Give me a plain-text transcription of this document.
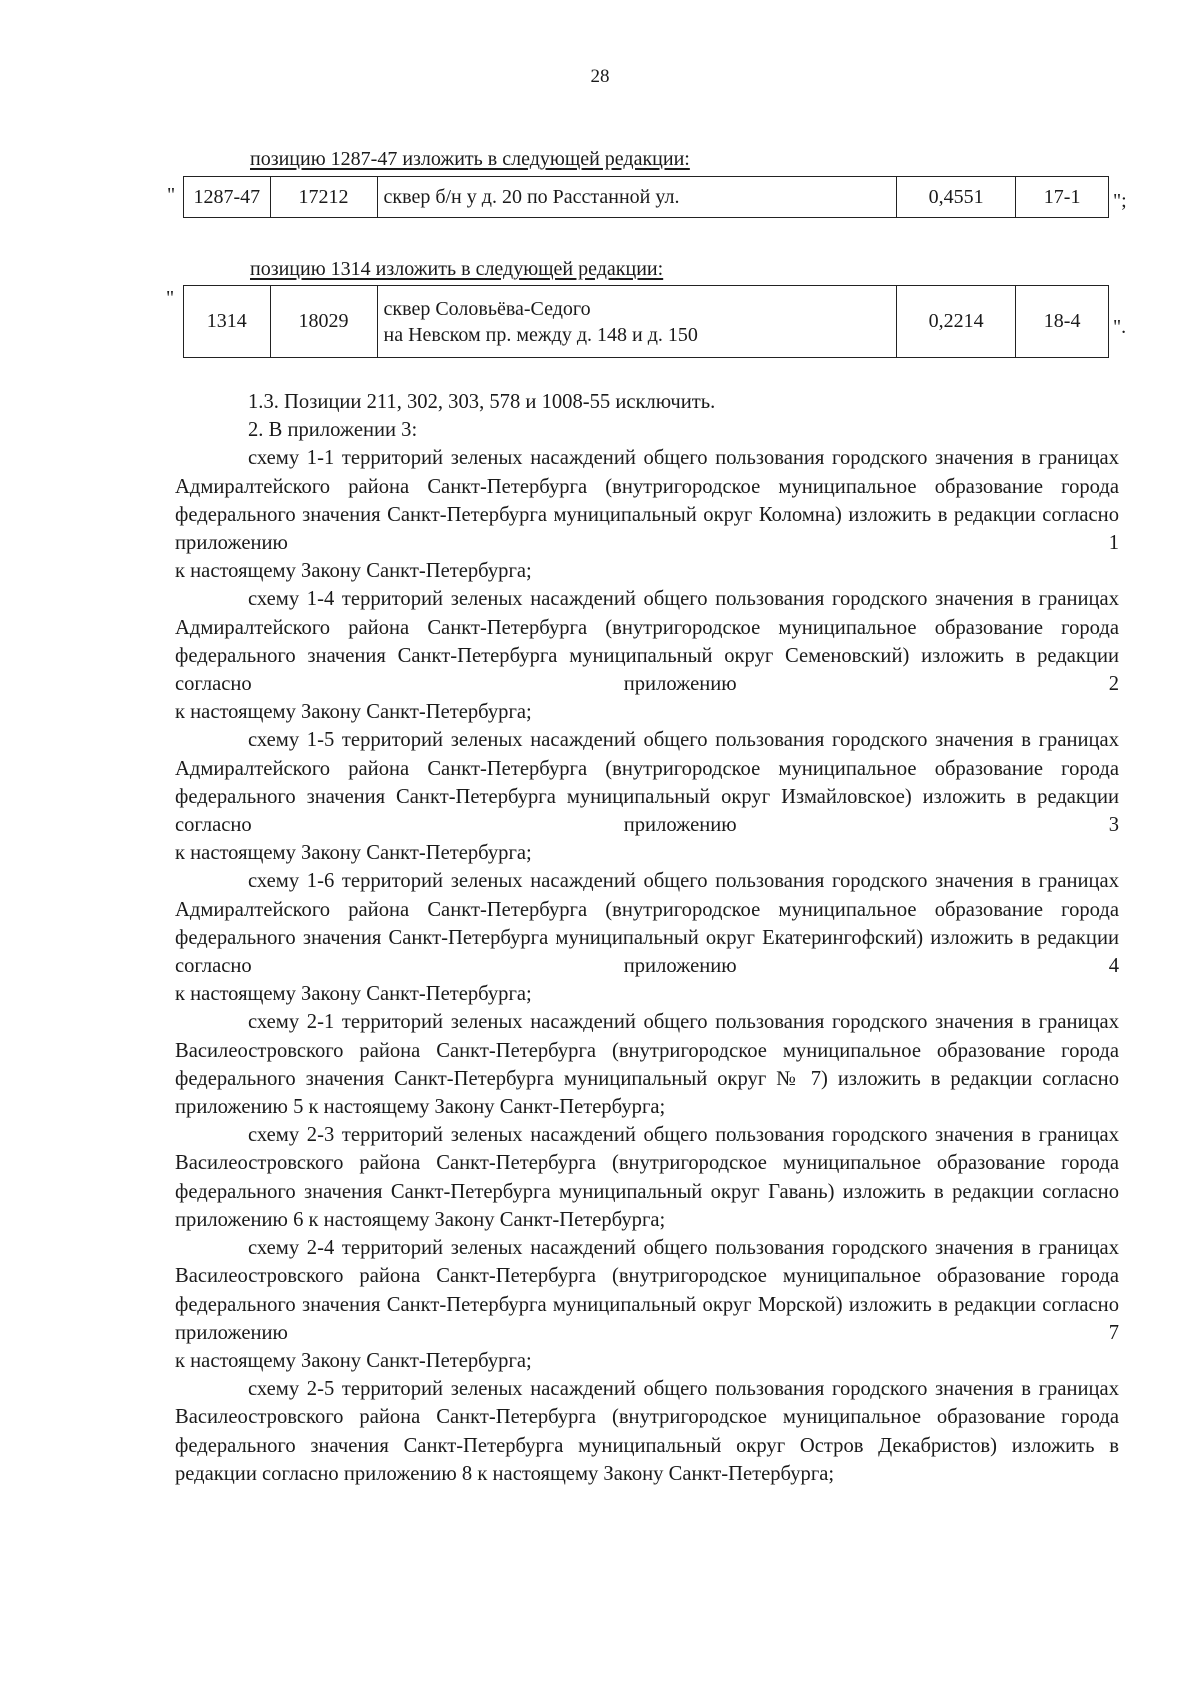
28
позицию 1287-47 изложить в следующей редакции:
" 1287-47	17212	сквер б/н у д. 20 по Расстанной ул.	0,4551	17-1 ";
позицию 1314 изложить в следующей редакции:
"
1314	18029	
сквер Соловьёва-Седого
на Невском пр. между д. 148 и д. 150
	0,2214	18-4 ".

1.3. Позиции 211, 302, 303, 578 и 1008-55 исключить.

2. В приложении 3:

схему 1-1 территорий зеленых насаждений общего пользования городского значения в границах Адмиралтейского района Санкт-Петербурга (внутригородское муниципальное образование города федерального значения Санкт-Петербурга муниципальный округ Коломна) изложить в редакции согласно приложению 1

к настоящему Закону Санкт-Петербурга;

схему 1-4 территорий зеленых насаждений общего пользования городского значения в границах Адмиралтейского района Санкт-Петербурга (внутригородское муниципальное образование города федерального значения Санкт-Петербурга муниципальный округ Семеновский) изложить в редакции согласно приложению 2

к настоящему Закону Санкт-Петербурга;

схему 1-5 территорий зеленых насаждений общего пользования городского значения в границах Адмиралтейского района Санкт-Петербурга (внутригородское муниципальное образование города федерального значения Санкт-Петербурга муниципальный округ Измайловское) изложить в редакции согласно приложению 3

к настоящему Закону Санкт-Петербурга;

схему 1-6 территорий зеленых насаждений общего пользования городского значения в границах Адмиралтейского района Санкт-Петербурга (внутригородское муниципальное образование города федерального значения Санкт-Петербурга муниципальный округ Екатерингофский) изложить в редакции согласно приложению 4

к настоящему Закону Санкт-Петербурга;

схему 2-1 территорий зеленых насаждений общего пользования городского значения в границах Василеостровского района Санкт-Петербурга (внутригородское муниципальное образование города федерального значения Санкт-Петербурга муниципальный округ № 7) изложить в редакции согласно приложению 5 к настоящему Закону Санкт-Петербурга;

схему 2-3 территорий зеленых насаждений общего пользования городского значения в границах Василеостровского района Санкт-Петербурга (внутригородское муниципальное образование города федерального значения Санкт-Петербурга муниципальный округ Гавань) изложить в редакции согласно приложению 6 к настоящему Закону Санкт-Петербурга;

схему 2-4 территорий зеленых насаждений общего пользования городского значения в границах Василеостровского района Санкт-Петербурга (внутригородское муниципальное образование города федерального значения Санкт-Петербурга муниципальный округ Морской) изложить в редакции согласно приложению 7

к настоящему Закону Санкт-Петербурга;

схему 2-5 территорий зеленых насаждений общего пользования городского значения в границах Василеостровского района Санкт-Петербурга (внутригородское муниципальное образование города федерального значения Санкт-Петербурга муниципальный округ Остров Декабристов) изложить в редакции согласно приложению 8 к настоящему Закону Санкт-Петербурга;
